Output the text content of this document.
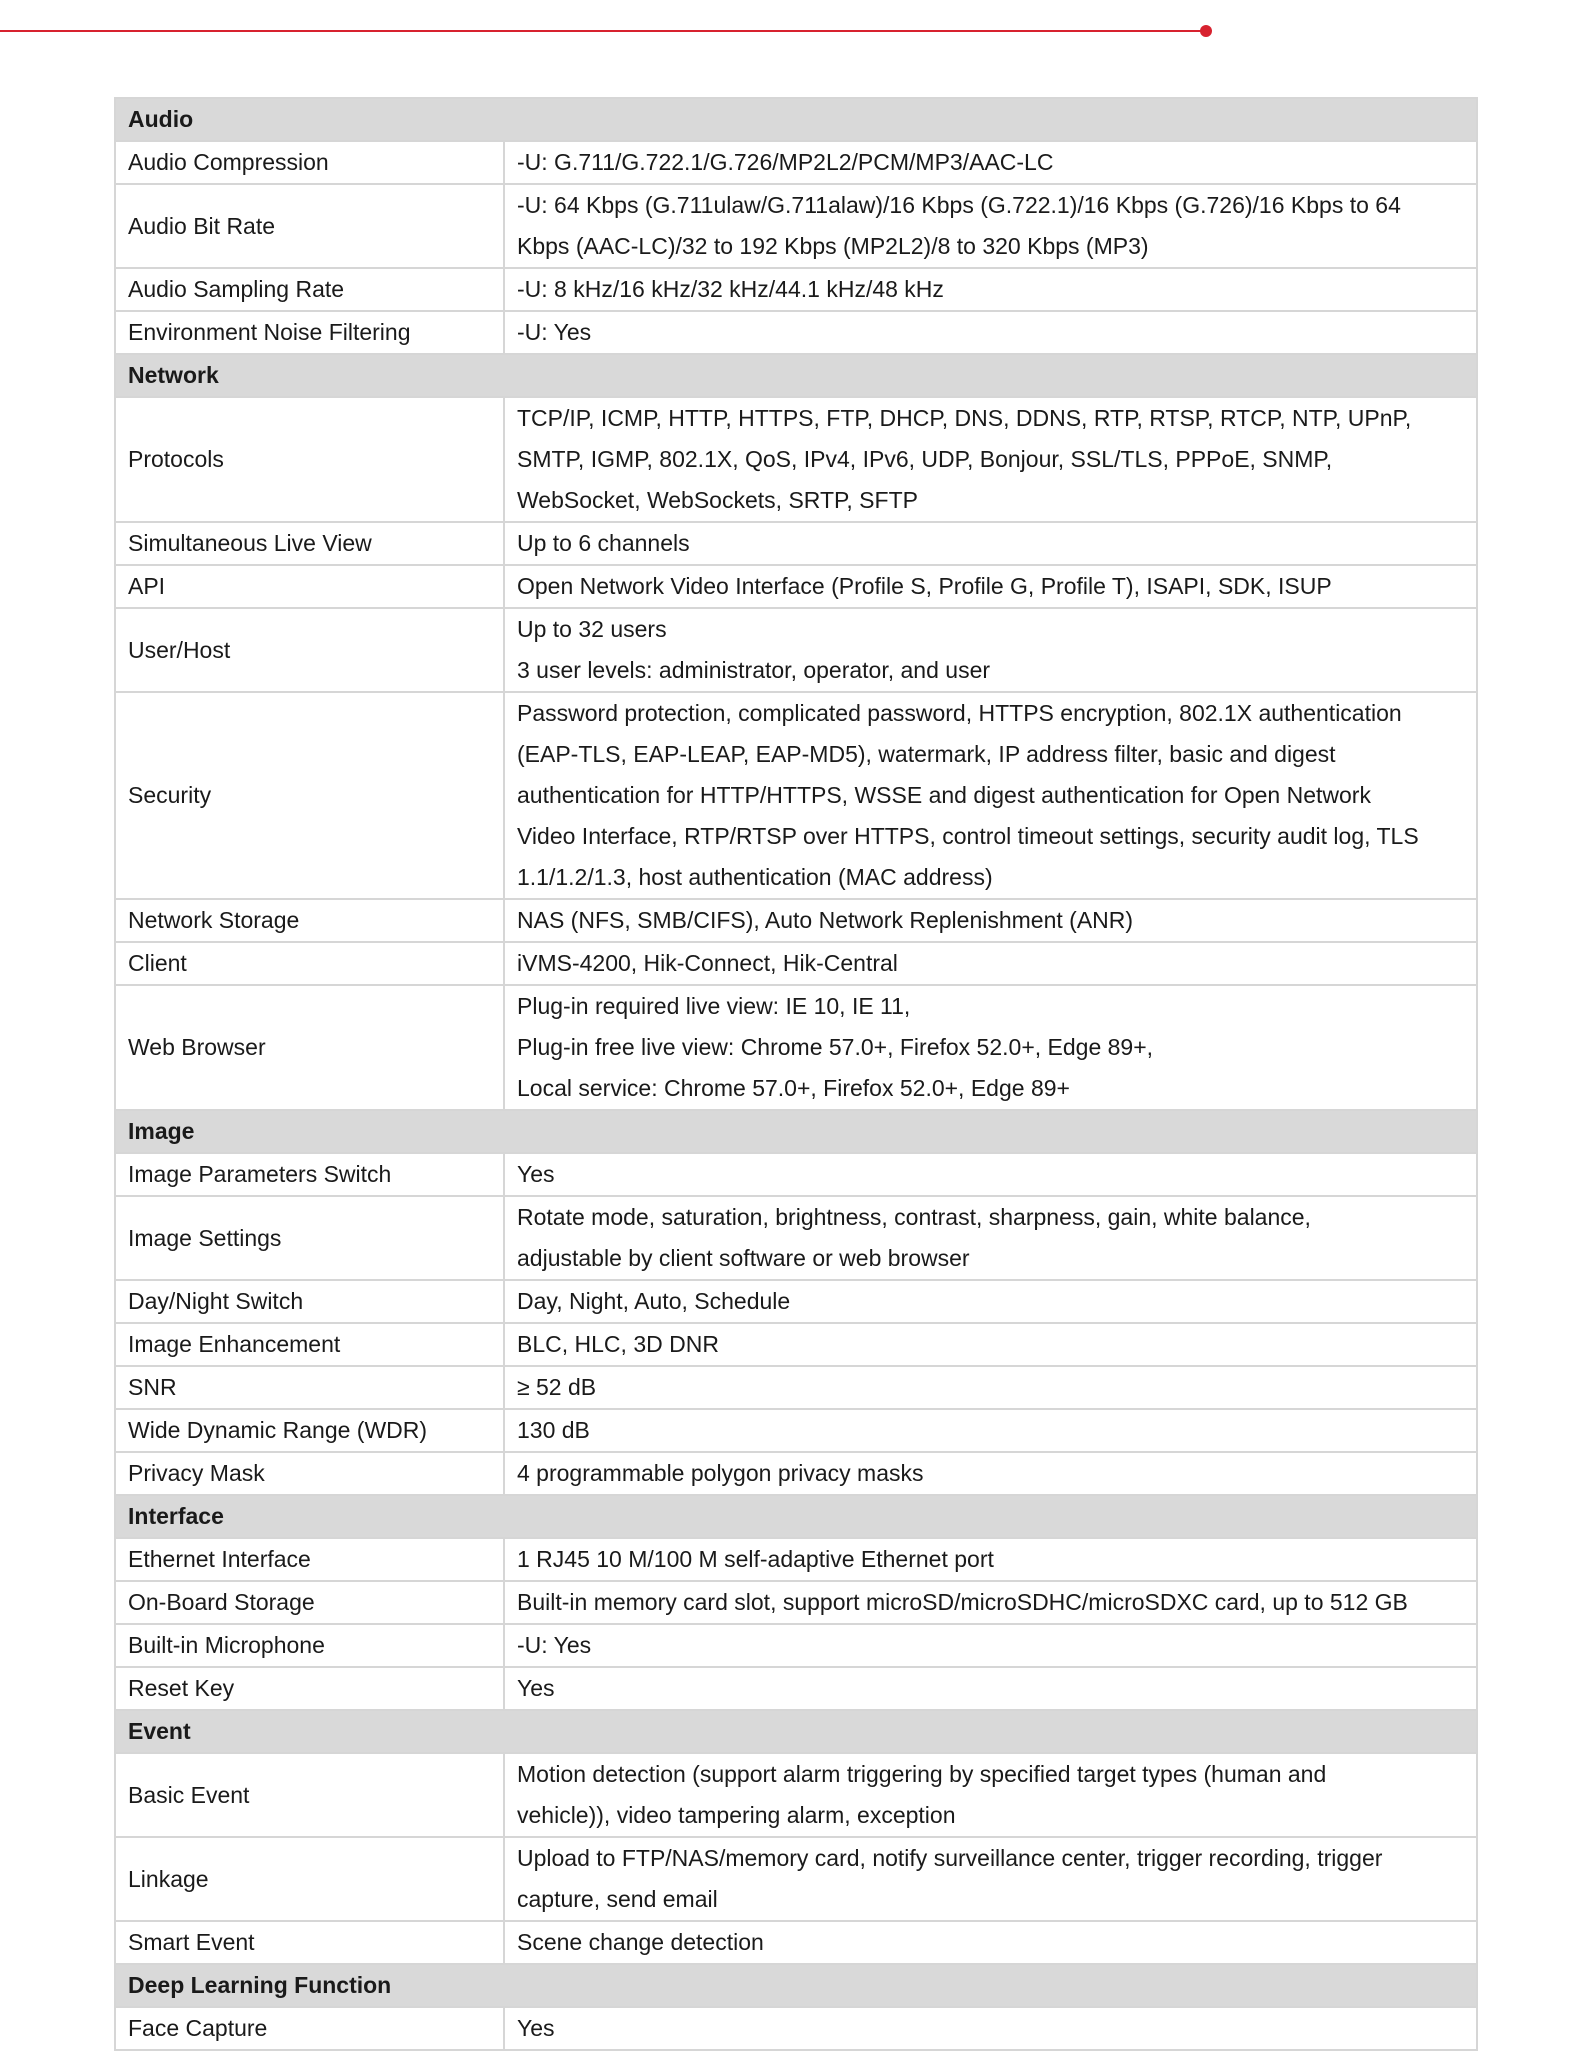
Audio	
Audio Compression	-U: G.711/G.722.1/G.726/MP2L2/PCM/MP3/AAC-LC

Audio Bit Rate	-U: 64 Kbps (G.711ulaw/G.711alaw)/16 Kbps (G.722.1)/16 Kbps (G.726)/16 Kbps to 64
Kbps (AAC-LC)/32 to 192 Kbps (MP2L2)/8 to 320 Kbps (MP3)

Audio Sampling Rate	-U: 8 kHz/16 kHz/32 kHz/44.1 kHz/48 kHz

Environment Noise Filtering	-U: Yes

Network	
Protocols	TCP/IP, ICMP, HTTP, HTTPS, FTP, DHCP, DNS, DDNS, RTP, RTSP, RTCP, NTP, UPnP,
SMTP, IGMP, 802.1X, QoS, IPv4, IPv6, UDP, Bonjour, SSL/TLS, PPPoE, SNMP,
WebSocket, WebSockets, SRTP, SFTP

Simultaneous Live View	Up to 6 channels

API	Open Network Video Interface (Profile S, Profile G, Profile T), ISAPI, SDK, ISUP

User/Host	Up to 32 users
3 user levels: administrator, operator, and user

Security	Password protection, complicated password, HTTPS encryption, 802.1X authentication
(EAP-TLS, EAP-LEAP, EAP-MD5), watermark, IP address filter, basic and digest
authentication for HTTP/HTTPS, WSSE and digest authentication for Open Network
Video Interface, RTP/RTSP over HTTPS, control timeout settings, security audit log, TLS
1.1/1.2/1.3, host authentication (MAC address)

Network Storage	NAS (NFS, SMB/CIFS), Auto Network Replenishment (ANR)

Client	iVMS-4200, Hik-Connect, Hik-Central

Web Browser	Plug-in required live view: IE 10, IE 11,
Plug-in free live view: Chrome 57.0+, Firefox 52.0+, Edge 89+,
Local service: Chrome 57.0+, Firefox 52.0+, Edge 89+

Image	
Image Parameters Switch	Yes

Image Settings	Rotate mode, saturation, brightness, contrast, sharpness, gain, white balance,
adjustable by client software or web browser

Day/Night Switch	Day, Night, Auto, Schedule

Image Enhancement	BLC, HLC, 3D DNR

SNR	≥ 52 dB

Wide Dynamic Range (WDR)	130 dB

Privacy Mask	4 programmable polygon privacy masks

Interface	
Ethernet Interface	1 RJ45 10 M/100 M self-adaptive Ethernet port

On-Board Storage	Built-in memory card slot, support microSD/microSDHC/microSDXC card, up to 512 GB

Built-in Microphone	-U: Yes

Reset Key	Yes

Event	
Basic Event	Motion detection (support alarm triggering by specified target types (human and
vehicle)), video tampering alarm, exception

Linkage	Upload to FTP/NAS/memory card, notify surveillance center, trigger recording, trigger
capture, send email

Smart Event	Scene change detection

Deep Learning Function	
Face Capture	Yes
